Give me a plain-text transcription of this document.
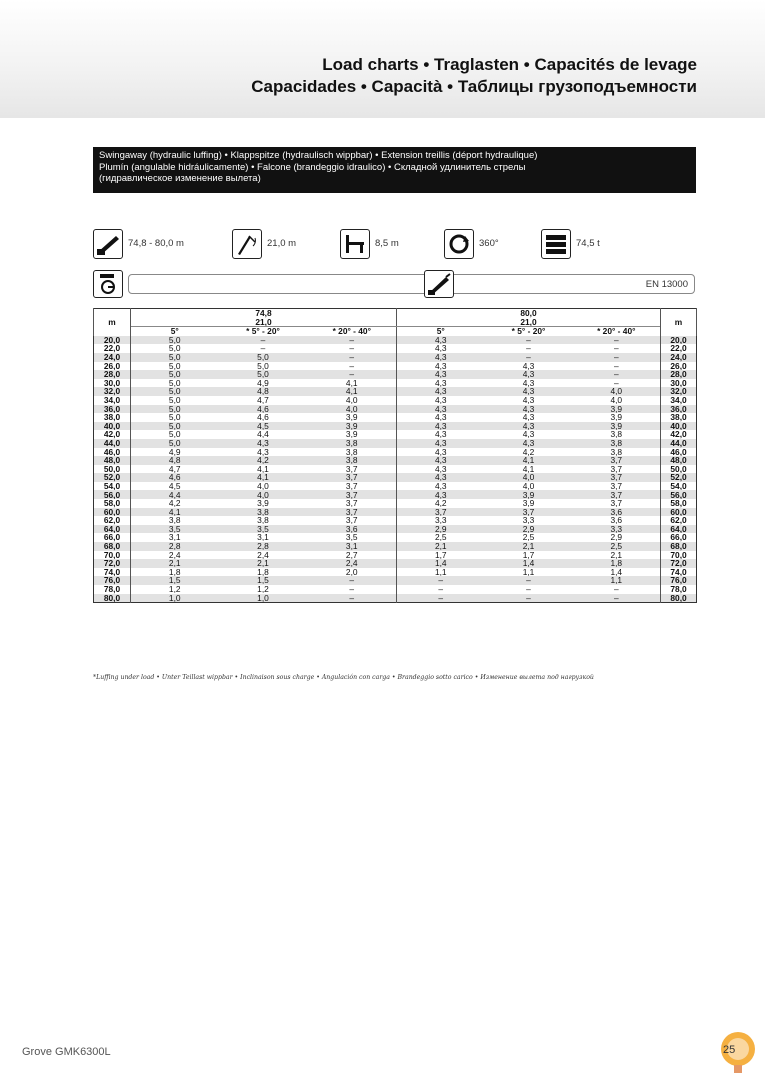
Load charts • Traglasten • Capacités de levage
Capacidades • Capacità • Таблицы грузоподъемности
Swingaway (hydraulic luffing) • Klappspitze (hydraulisch wippbar) • Extension treillis (déport hydraulique)
Plumín (angulable hidráulicamente) • Falcone (brandeggio idraulico) • Складной удлинитель стрелы
(гидравлическое изменение вылета)
74,8 - 80,0 m	21,0 m	8,5 m	360°	74,5 t
EN 13000
m	74,8			80,0			m
	21,0			21,0			
	5°	* 5° - 20°	* 20° - 40°	5°	* 5° - 20°	* 20° - 40°	
20,0	5,0	–	–	4,3	–	–	20,0
22,0	5,0	–	–	4,3	–	–	22,0
24,0	5,0	5,0	–	4,3	–	–	24,0
26,0	5,0	5,0	–	4,3	4,3	–	26,0
28,0	5,0	5,0	–	4,3	4,3	–	28,0
30,0	5,0	4,9	4,1	4,3	4,3	–	30,0
32,0	5,0	4,8	4,1	4,3	4,3	4,0	32,0
34,0	5,0	4,7	4,0	4,3	4,3	4,0	34,0
36,0	5,0	4,6	4,0	4,3	4,3	3,9	36,0
38,0	5,0	4,6	3,9	4,3	4,3	3,9	38,0
40,0	5,0	4,5	3,9	4,3	4,3	3,9	40,0
42,0	5,0	4,4	3,9	4,3	4,3	3,8	42,0
44,0	5,0	4,3	3,8	4,3	4,3	3,8	44,0
46,0	4,9	4,3	3,8	4,3	4,2	3,8	46,0
48,0	4,8	4,2	3,8	4,3	4,1	3,7	48,0
50,0	4,7	4,1	3,7	4,3	4,1	3,7	50,0
52,0	4,6	4,1	3,7	4,3	4,0	3,7	52,0
54,0	4,5	4,0	3,7	4,3	4,0	3,7	54,0
56,0	4,4	4,0	3,7	4,3	3,9	3,7	56,0
58,0	4,2	3,9	3,7	4,2	3,9	3,7	58,0
60,0	4,1	3,8	3,7	3,7	3,7	3,6	60,0
62,0	3,8	3,8	3,7	3,3	3,3	3,6	62,0
64,0	3,5	3,5	3,6	2,9	2,9	3,3	64,0
66,0	3,1	3,1	3,5	2,5	2,5	2,9	66,0
68,0	2,8	2,8	3,1	2,1	2,1	2,5	68,0
70,0	2,4	2,4	2,7	1,7	1,7	2,1	70,0
72,0	2,1	2,1	2,4	1,4	1,4	1,8	72,0
74,0	1,8	1,8	2,0	1,1	1,1	1,4	74,0
76,0	1,5	1,5	–	–	–	1,1	76,0
78,0	1,2	1,2	–	–	–	–	78,0
80,0	1,0	1,0	–	–	–	–	80,0
*Luffing under load • Unter Teillast wippbar • Inclinaison sous charge • Angulación con carga • Brandeggio sotto carico • Изменение вылета под нагрузкой
Grove GMK6300L	25
